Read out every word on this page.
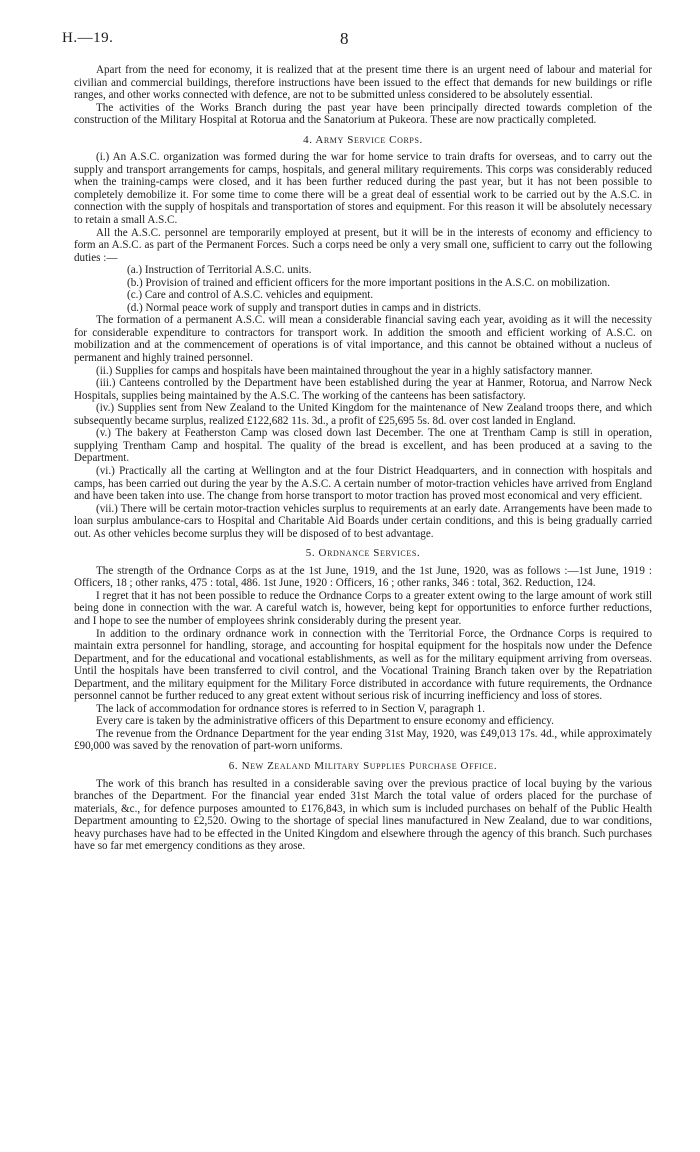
H.—19.	8

Apart from the need for economy, it is realized that at the present time there is an urgent need of labour and material for civilian and commercial buildings, therefore instructions have been issued to the effect that demands for new buildings or rifle ranges, and other works connected with defence, are not to be submitted unless considered to be absolutely essential.

The activities of the Works Branch during the past year have been principally directed towards completion of the construction of the Military Hospital at Rotorua and the Sanatorium at Pukeora. These are now practically completed.

4. Army Service Corps.

(i.) An A.S.C. organization was formed during the war for home service to train drafts for overseas, and to carry out the supply and transport arrangements for camps, hospitals, and general military requirements. This corps was considerably reduced when the training-camps were closed, and it has been further reduced during the past year, but it has not been possible to completely demobilize it. For some time to come there will be a great deal of essential work to be carried out by the A.S.C. in connection with the supply of hospitals and transportation of stores and equipment. For this reason it will be absolutely necessary to retain a small A.S.C.

All the A.S.C. personnel are temporarily employed at present, but it will be in the interests of economy and efficiency to form an A.S.C. as part of the Permanent Forces. Such a corps need be only a very small one, sufficient to carry out the following duties :—

(a.) Instruction of Territorial A.S.C. units.

(b.) Provision of trained and efficient officers for the more important positions in the A.S.C. on mobilization.

(c.) Care and control of A.S.C. vehicles and equipment.

(d.) Normal peace work of supply and transport duties in camps and in districts.

The formation of a permanent A.S.C. will mean a considerable financial saving each year, avoiding as it will the necessity for considerable expenditure to contractors for transport work. In addition the smooth and efficient working of A.S.C. on mobilization and at the commencement of operations is of vital importance, and this cannot be obtained without a nucleus of permanent and highly trained personnel.

(ii.) Supplies for camps and hospitals have been maintained throughout the year in a highly satisfactory manner.

(iii.) Canteens controlled by the Department have been established during the year at Hanmer, Rotorua, and Narrow Neck Hospitals, supplies being maintained by the A.S.C. The working of the canteens has been satisfactory.

(iv.) Supplies sent from New Zealand to the United Kingdom for the maintenance of New Zealand troops there, and which subsequently became surplus, realized £122,682 11s. 3d., a profit of £25,695 5s. 8d. over cost landed in England.

(v.) The bakery at Featherston Camp was closed down last December. The one at Trentham Camp is still in operation, supplying Trentham Camp and hospital. The quality of the bread is excellent, and has been produced at a saving to the Department.

(vi.) Practically all the carting at Wellington and at the four District Headquarters, and in connection with hospitals and camps, has been carried out during the year by the A.S.C. A certain number of motor-traction vehicles have arrived from England and have been taken into use. The change from horse transport to motor traction has proved most economical and very efficient.

(vii.) There will be certain motor-traction vehicles surplus to requirements at an early date. Arrangements have been made to loan surplus ambulance-cars to Hospital and Charitable Aid Boards under certain conditions, and this is being gradually carried out. As other vehicles become surplus they will be disposed of to best advantage.

5. Ordnance Services.

The strength of the Ordnance Corps as at the 1st June, 1919, and the 1st June, 1920, was as follows :—1st June, 1919 : Officers, 18 ; other ranks, 475 : total, 486. 1st June, 1920 : Officers, 16 ; other ranks, 346 : total, 362. Reduction, 124.

I regret that it has not been possible to reduce the Ordnance Corps to a greater extent owing to the large amount of work still being done in connection with the war. A careful watch is, however, being kept for opportunities to enforce further reductions, and I hope to see the number of employees shrink considerably during the present year.

In addition to the ordinary ordnance work in connection with the Territorial Force, the Ordnance Corps is required to maintain extra personnel for handling, storage, and accounting for hospital equipment for the hospitals now under the Defence Department, and for the educational and vocational establishments, as well as for the military equipment arriving from overseas. Until the hospitals have been transferred to civil control, and the Vocational Training Branch taken over by the Repatriation Department, and the military equipment for the Military Force distributed in accordance with future requirements, the Ordnance personnel cannot be further reduced to any great extent without serious risk of incurring inefficiency and loss of stores.

The lack of accommodation for ordnance stores is referred to in Section V, paragraph 1.

Every care is taken by the administrative officers of this Department to ensure economy and efficiency.

The revenue from the Ordnance Department for the year ending 31st May, 1920, was £49,013 17s. 4d., while approximately £90,000 was saved by the renovation of part-worn uniforms.

6. New Zealand Military Supplies Purchase Office.

The work of this branch has resulted in a considerable saving over the previous practice of local buying by the various branches of the Department. For the financial year ended 31st March the total value of orders placed for the purchase of materials, &c., for defence purposes amounted to £176,843, in which sum is included purchases on behalf of the Public Health Department amounting to £2,520. Owing to the shortage of special lines manufactured in New Zealand, due to war conditions, heavy purchases have had to be effected in the United Kingdom and elsewhere through the agency of this branch. Such purchases have so far met emergency conditions as they arose.
